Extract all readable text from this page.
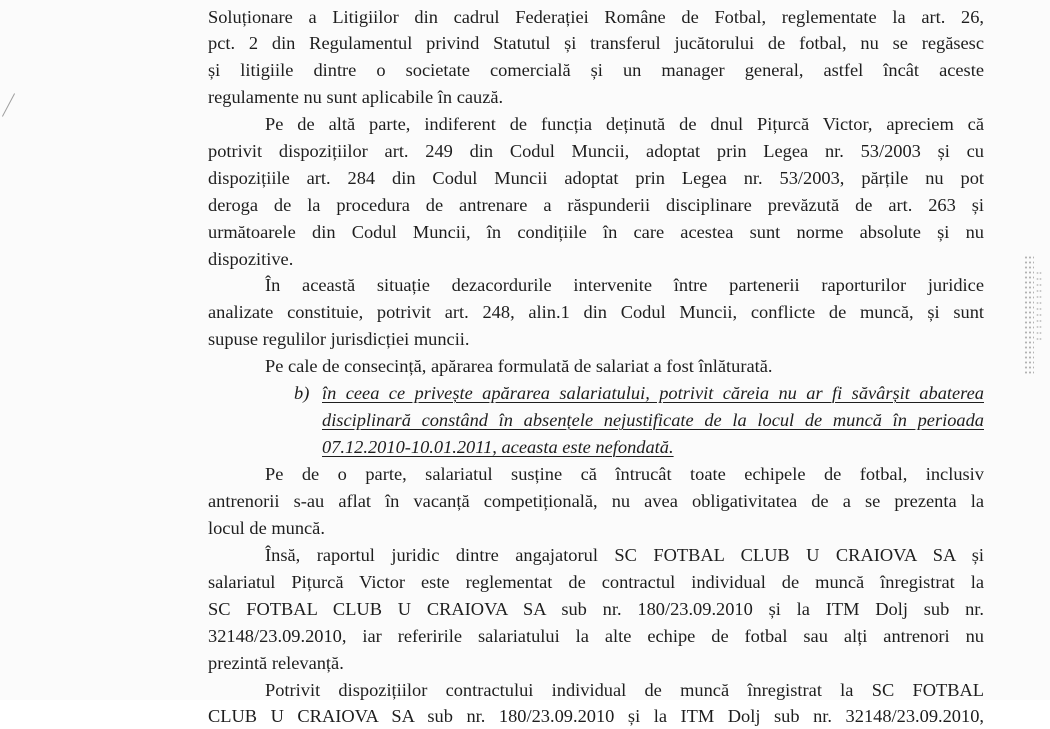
Soluționare a Litigiilor din cadrul Federației Române de Fotbal, reglementate la art. 26,

pct. 2 din Regulamentul privind Statutul și transferul jucătorului de fotbal, nu se regăsesc

și litigiile dintre o societate comercială și un manager general, astfel încât aceste

regulamente nu sunt aplicabile în cauză.

Pe de altă parte, indiferent de funcția deținută de dnul Pițurcă Victor, apreciem că

potrivit dispozițiilor art. 249 din Codul Muncii, adoptat prin Legea nr. 53/2003 și cu

dispozițiile art. 284 din Codul Muncii adoptat prin Legea nr. 53/2003, părțile nu pot

deroga de la procedura de antrenare a răspunderii disciplinare prevăzută de art. 263 și

următoarele din Codul Muncii, în condițiile în care acestea sunt norme absolute și nu

dispozitive.

În această situație dezacordurile intervenite între partenerii raporturilor juridice

analizate constituie, potrivit art. 248, alin.1 din Codul Muncii, conflicte de muncă, și sunt

supuse regulilor jurisdicției muncii.

Pe cale de consecință, apărarea formulată de salariat a fost înlăturată.

Pe de o parte, salariatul susține că întrucât toate echipele de fotbal, inclusiv

antrenorii s-au aflat în vacanță competițională, nu avea obligativitatea de a se prezenta la

locul de muncă.

Însă, raportul juridic dintre angajatorul SC FOTBAL CLUB U CRAIOVA SA și

salariatul Pițurcă Victor este reglementat de contractul individual de muncă înregistrat la

SC FOTBAL CLUB U CRAIOVA SA sub nr. 180/23.09.2010 și la ITM Dolj sub nr.

32148/23.09.2010, iar referirile salariatului la alte echipe de fotbal sau alți antrenori nu

prezintă relevanță.

Potrivit dispozițiilor contractului individual de muncă înregistrat la SC FOTBAL

CLUB U CRAIOVA SA sub nr. 180/23.09.2010 și la ITM Dolj sub nr. 32148/23.09.2010,

b) în ceea ce privește apărarea salariatului, potrivit căreia nu ar fi săvârșit abaterea

disciplinară constând în absențele nejustificate de la locul de muncă în perioada

07.12.2010-10.01.2011, aceasta este nefondată.
